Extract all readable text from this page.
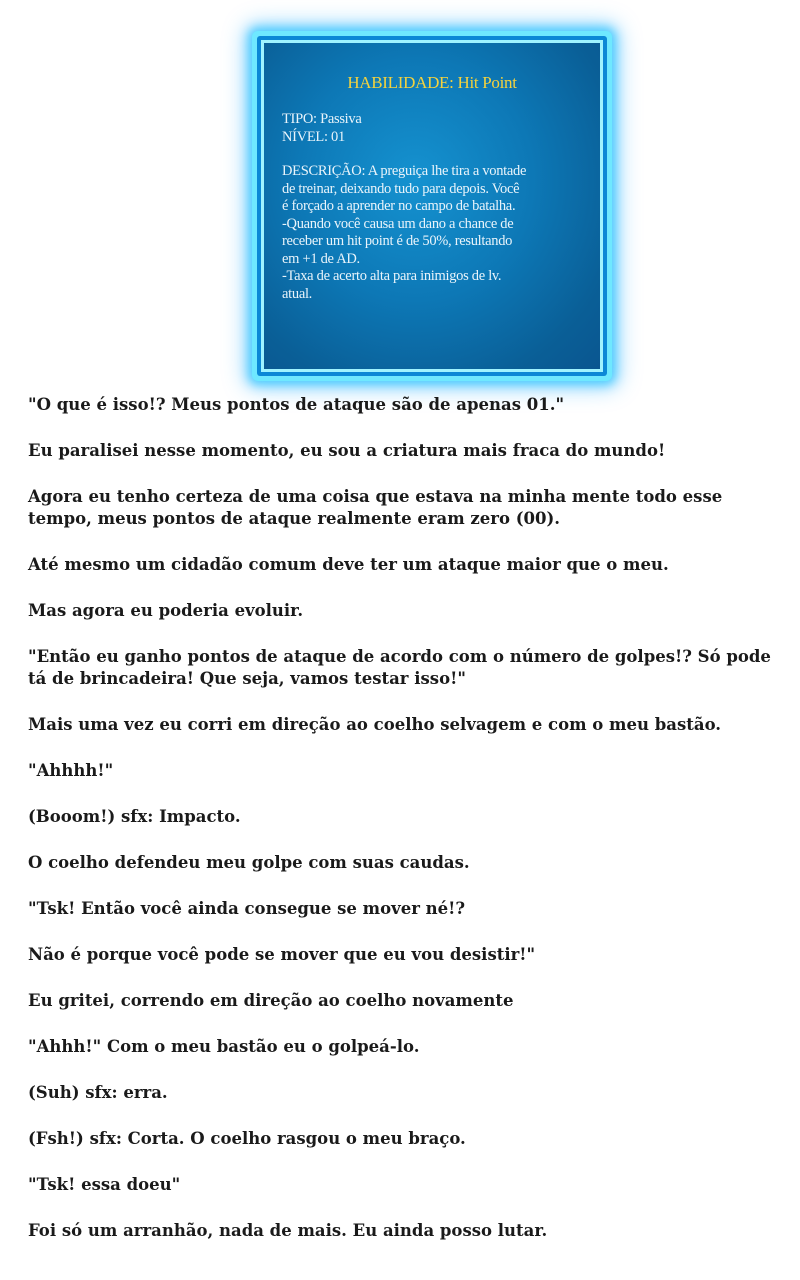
HABILIDADE: Hit Point
TIPO: Passiva
NÍVEL: 01
DESCRIÇÃO: A preguiça lhe tira a vontade
de treinar, deixando tudo para depois. Você
é forçado a aprender no campo de batalha.
-Quando você causa um dano a chance de
receber um hit point é de 50%, resultando
em +1 de AD.
-Taxa de acerto alta para inimigos de lv.
atual.

"O que é isso!? Meus pontos de ataque são de apenas 01."

Eu paralisei nesse momento, eu sou a criatura mais fraca do mundo!

Agora eu tenho certeza de uma coisa que estava na minha mente todo esse tempo, meus pontos de ataque realmente eram zero (00).

Até mesmo um cidadão comum deve ter um ataque maior que o meu.

Mas agora eu poderia evoluir.

"Então eu ganho pontos de ataque de acordo com o número de golpes!? Só pode tá de brincadeira! Que seja, vamos testar isso!"

Mais uma vez eu corri em direção ao coelho selvagem e com o meu bastão.

"Ahhhh!"

(Booom!) sfx: Impacto.

O coelho defendeu meu golpe com suas caudas.

"Tsk! Então você ainda consegue se mover né!?

Não é porque você pode se mover que eu vou desistir!"

Eu gritei, correndo em direção ao coelho novamente

"Ahhh!" Com o meu bastão eu o golpeá-lo.

(Suh) sfx: erra.

(Fsh!) sfx: Corta. O coelho rasgou o meu braço.

"Tsk! essa doeu"

Foi só um arranhão, nada de mais. Eu ainda posso lutar.
